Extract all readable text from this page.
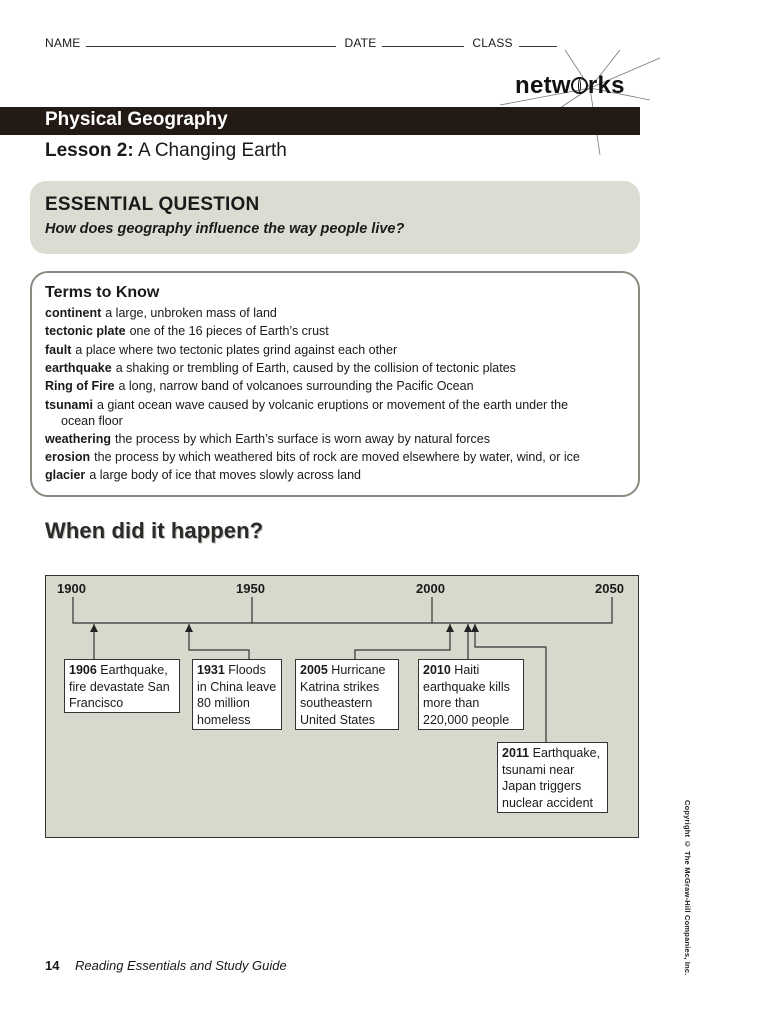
NAME	DATE	CLASS
netw rks
Physical Geography
Lesson 2: A Changing Earth
ESSENTIAL QUESTION
How does geography influence the way people live?
Terms to Know
continent a large, unbroken mass of land
tectonic plate one of the 16 pieces of Earth’s crust
fault a place where two tectonic plates grind against each other
earthquake a shaking or trembling of Earth, caused by the collision of tectonic plates
Ring of Fire a long, narrow band of volcanoes surrounding the Pacific Ocean
tsunami a giant ocean wave caused by volcanic eruptions or movement of the earth under the
ocean floor
weathering the process by which Earth’s surface is worn away by natural forces
erosion the process by which weathered bits of rock are moved elsewhere by water, wind, or ice
glacier a large body of ice that moves slowly across land
When did it happen?
1900	1950	2000	2050
1906 Earthquake, fire devastate San Francisco
1931 Floods in China leave 80 million homeless
2005 Hurricane Katrina strikes southeastern United States
2010 Haiti earthquake kills more than 220,000 people
2011 Earthquake, tsunami near Japan triggers nuclear accident	Copyright © The McGraw-Hill Companies, Inc.
14 Reading Essentials and Study Guide
